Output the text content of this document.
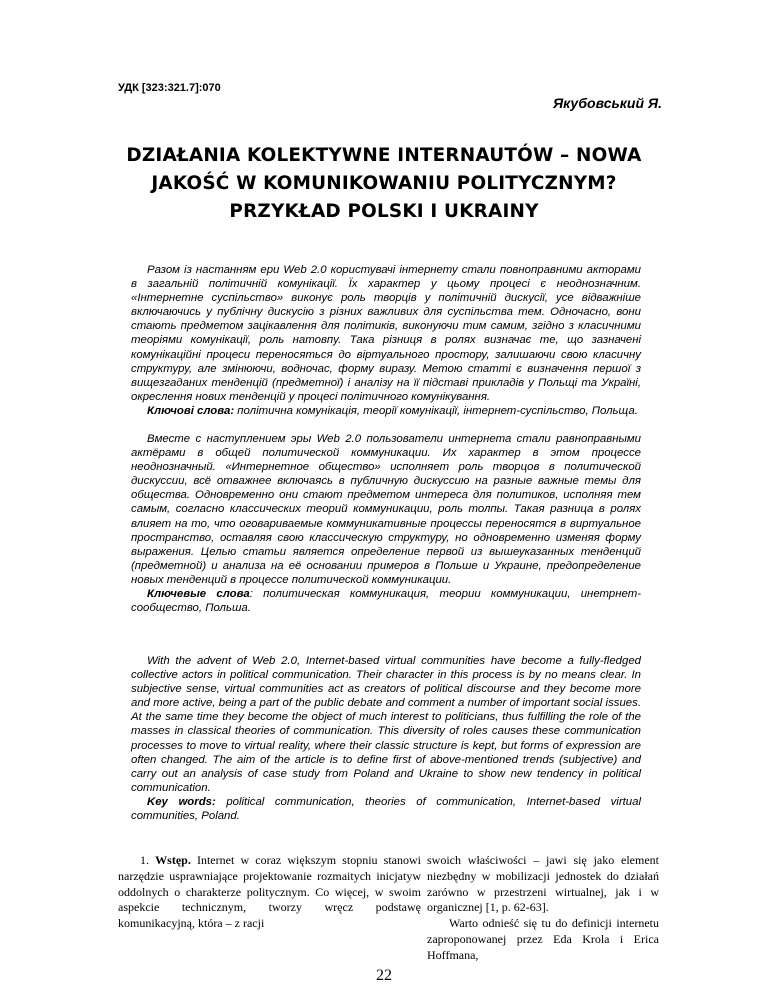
УДК [323:321.7]:070
Якубовський Я.
DZIAŁANIA KOLEKTYWNE INTERNAUTÓW – NOWA
JAKOŚĆ W KOMUNIKOWANIU POLITYCZNYM?
PRZYKŁAD POLSKI I UKRAINY

Разом із настанням ери Web 2.0 користувачі інтернету стали повноправними акторами в загальній політичній комунікації. Їх характер у цьому процесі є неоднозначним. «Інтернетне суспільство» виконує роль творців у політичній дискусії, усе відважніше включаючись у публічну дискусію з різних важливих для суспільства тем. Одночасно, вони стають предметом зацікавлення для політиків, виконуючи тим самим, згідно з класичними теоріями комунікації, роль натовпу. Така різниця в ролях визначає те, що зазначені комунікаційні процеси переносяться до віртуального простору, залишаючи свою класичну структуру, але змінюючи, водночас, форму виразу. Метою статті є визначення першої з вищезгаданих тенденцій (предметної) і аналізу на її підставі прикладів у Польщі та Україні, окреслення нових тенденцій у процесі політичного комунікування.

Ключові слова: політична комунікація, теорії комунікації, інтернет-суспільство, Польща.

Вместе с наступлением эры Web 2.0 пользователи интернета стали равноправными актёрами в общей политической коммуникации. Их характер в этом процессе неоднозначный. «Интернетное общество» исполняет роль творцов в политической дискуссии, всё отважнее включаясь в публичную дискуссию на разные важные темы для общества. Одновременно они стают предметом интереса для политиков, исполняя тем самым, согласно классических теорий коммуникации, роль толпы. Такая разница в ролях влияет на то, что оговариваемые коммуникативные процессы переносятся в виртуальное пространство, оставляя свою классическую структуру, но одновременно изменяя форму выражения. Целью статьи является определение первой из вышеуказанных тенденций (предметной) и анализа на её основании примеров в Польше и Украине, предопределение новых тенденций в процессе политической коммуникации.

Ключевые слова: политическая коммуникация, теории коммуникации, инетрнет-сообщество, Польша.

With the advent of Web 2.0, Internet-based virtual communities have become a fully-fledged collective actors in political communication. Their character in this process is by no means clear. In subjective sense, virtual communities act as creators of political discourse and they become more and more active, being a part of the public debate and comment a number of important social issues. At the same time they become the object of much interest to politicians, thus fulfilling the role of the masses in classical theories of communication. This diversity of roles causes these communication processes to move to virtual reality, where their classic structure is kept, but forms of expression are often changed. The aim of the article is to define first of above-mentioned trends (subjective) and carry out an analysis of case study from Poland and Ukraine to show new tendency in political communication.

Key words: political communication, theories of communication, Internet-based virtual communities, Poland.

1. Wstęp. Internet w coraz większym stopniu stanowi narzędzie usprawniające projektowanie rozmaitych inicjatyw oddolnych o charakterze politycznym. Co więcej, w swoim aspekcie technicznym, tworzy wręcz podstawę komunikacyjną, która – z racji

swoich właściwości – jawi się jako element niezbędny w mobilizacji jednostek do działań zarówno w przestrzeni wirtualnej, jak i w organicznej [1, p. 62-63].

Warto odnieść się tu do definicji internetu zaproponowanej przez Eda Krola i Erica Hoffmana,

22
